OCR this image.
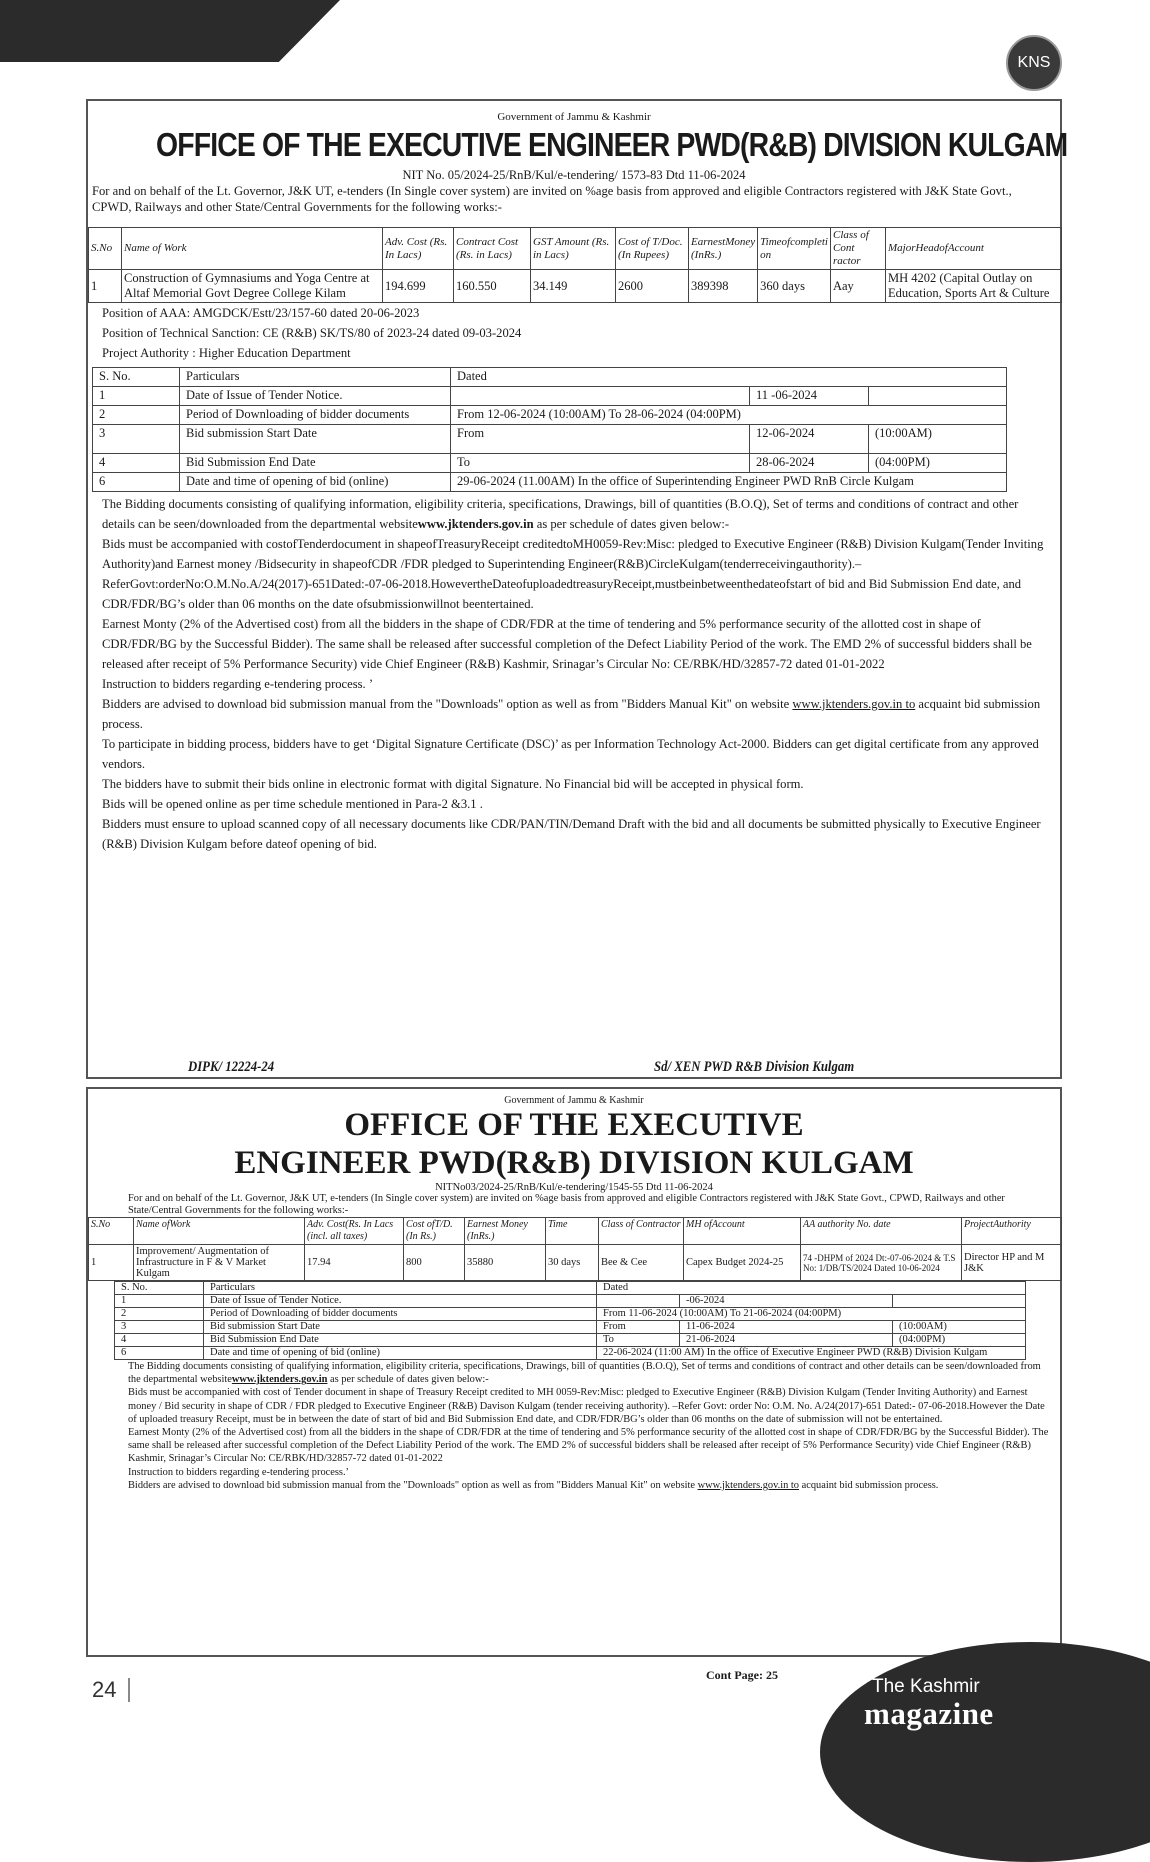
KNS
Government of Jammu & Kashmir
OFFICE OF THE EXECUTIVE ENGINEER PWD(R&B) DIVISION KULGAM
NIT No. 05/2024-25/RnB/Kul/e-tendering/ 1573-83 Dtd 11-06-2024
For and on behalf of the Lt. Governor, J&K UT, e-tenders (In Single cover system) are invited on %age basis from approved and eligible Contractors registered with J&K State Govt., CPWD, Railways and other State/Central Governments for the following works:-
S.No	Name of Work	Adv. Cost (Rs. In Lacs)	Contract Cost (Rs. in Lacs)	GST Amount (Rs. in Lacs)	Cost of T/Doc. (In Rupees)	EarnestMoney (InRs.)	Timeofcompleti on	Class of Cont ractor	MajorHeadofAccount
1	Construction of Gymnasiums and Yoga Centre at Altaf Memorial Govt Degree College Kilam	194.699	160.550	34.149	2600	389398	360 days	Aay	MH 4202 (Capital Outlay on Education, Sports Art & Culture
Position of AAA: AMGDCK/Estt/23/157-60 dated 20-06-2023
Position of Technical Sanction: CE (R&B) SK/TS/80 of 2023-24 dated 09-03-2024
Project Authority : Higher Education Department
S. No.	Particulars	Dated		
1	Date of Issue of Tender Notice.		11 -06-2024	
2	Period of Downloading of bidder documents	From 12-06-2024 (10:00AM) To 28-06-2024 (04:00PM)		
3	Bid submission Start Date	From	12-06-2024	(10:00AM)
4	Bid Submission End Date	To	28-06-2024	(04:00PM)
6	Date and time of opening of bid (online)	29-06-2024 (11.00AM) In the office of Superintending Engineer PWD RnB Circle Kulgam		
The Bidding documents consisting of qualifying information, eligibility criteria, specifications, Drawings, bill of quantities (B.O.Q), Set of terms and conditions of contract and other details can be seen/downloaded from the departmental websitewww.jktenders.gov.in as per schedule of dates given below:-
Bids must be accompanied with costofTenderdocument in shapeofTreasuryReceipt creditedtoMH0059-Rev:Misc: pledged to Executive Engineer (R&B) Division Kulgam(Tender Inviting Authority)and Earnest money /Bidsecurity in shapeofCDR /FDR pledged to Superintending Engineer(R&B)CircleKulgam(tenderreceivingauthority).–ReferGovt:orderNo:O.M.No.A/24(2017)-651Dated:-07-06-2018.HowevertheDateofuploadedtreasuryReceipt,mustbeinbetweenthedateofstart of bid and Bid Submission End date, and CDR/FDR/BG’s older than 06 months on the date ofsubmissionwillnot beentertained.
Earnest Monty (2% of the Advertised cost) from all the bidders in the shape of CDR/FDR at the time of tendering and 5% performance security of the allotted cost in shape of CDR/FDR/BG by the Successful Bidder). The same shall be released after successful completion of the Defect Liability Period of the work. The EMD 2% of successful bidders shall be released after receipt of 5% Performance Security) vide Chief Engineer (R&B) Kashmir, Srinagar’s Circular No: CE/RBK/HD/32857-72 dated 01-01-2022
Instruction to bidders regarding e-tendering process. ’
Bidders are advised to download bid submission manual from the "Downloads" option as well as from "Bidders Manual Kit" on website www.jktenders.gov.in to acquaint bid submission process.
To participate in bidding process, bidders have to get ‘Digital Signature Certificate (DSC)’ as per Information Technology Act-2000. Bidders can get digital certificate from any approved vendors.
The bidders have to submit their bids online in electronic format with digital Signature. No Financial bid will be accepted in physical form.
Bids will be opened online as per time schedule mentioned in Para-2 &3.1 .
Bidders must ensure to upload scanned copy of all necessary documents like CDR/PAN/TIN/Demand Draft with the bid and all documents be submitted physically to Executive Engineer (R&B) Division Kulgam before dateof opening of bid.
DIPK/ 12224-24	Sd/ XEN PWD R&B Division Kulgam
Government of Jammu & Kashmir
OFFICE OF THE EXECUTIVE
ENGINEER PWD(R&B) DIVISION KULGAM
NITNo03/2024-25/RnB/Kul/e-tendering/1545-55 Dtd 11-06-2024
For and on behalf of the Lt. Governor, J&K UT, e-tenders (In Single cover system) are invited on %age basis from approved and eligible Contractors registered with J&K State Govt., CPWD, Railways and other State/Central Governments for the following works:-
S.No	Name ofWork	Adv. Cost(Rs. In Lacs (incl. all taxes)	Cost ofT/D. (In Rs.)	Earnest Money (InRs.)	Time	Class of Contractor	MH ofAccount	AA authority No. date	ProjectAuthority
1	Improvement/ Augmentation of Infrastructure in F & V Market Kulgam	17.94	800	35880	30 days	Bee & Cee	Capex Budget 2024-25	74 -DHPM of 2024 Dt:-07-06-2024 & T.S No: 1/DB/TS/2024 Dated 10-06-2024	Director HP and M J&K
S. No.	Particulars	Dated		
1	Date of Issue of Tender Notice.		-06-2024	
2	Period of Downloading of bidder documents	From 11-06-2024 (10:00AM) To 21-06-2024 (04:00PM)		
3	Bid submission Start Date	From	11-06-2024	(10:00AM)
4	Bid Submission End Date	To	21-06-2024	(04:00PM)
6	Date and time of opening of bid (online)	22-06-2024 (11:00 AM) In the office of Executive Engineer PWD (R&B) Division Kulgam		
The Bidding documents consisting of qualifying information, eligibility criteria, specifications, Drawings, bill of quantities (B.O.Q), Set of terms and conditions of contract and other details can be seen/downloaded from the departmental websitewww.jktenders.gov.in as per schedule of dates given below:-
Bids must be accompanied with cost of Tender document in shape of Treasury Receipt credited to MH 0059-Rev:Misc: pledged to Executive Engineer (R&B) Division Kulgam (Tender Inviting Authority) and Earnest money / Bid security in shape of CDR / FDR pledged to Executive Engineer (R&B) Davison Kulgam (tender receiving authority). –Refer Govt: order No: O.M. No. A/24(2017)-651 Dated:- 07-06-2018.However the Date of uploaded treasury Receipt, must be in between the date of start of bid and Bid Submission End date, and CDR/FDR/BG’s older than 06 months on the date of submission will not be entertained.
Earnest Monty (2% of the Advertised cost) from all the bidders in the shape of CDR/FDR at the time of tendering and 5% performance security of the allotted cost in shape of CDR/FDR/BG by the Successful Bidder). The same shall be released after successful completion of the Defect Liability Period of the work. The EMD 2% of successful bidders shall be released after receipt of 5% Performance Security) vide Chief Engineer (R&B) Kashmir, Srinagar’s Circular No: CE/RBK/HD/32857-72 dated 01-01-2022
Instruction to bidders regarding e-tendering process.’
Bidders are advised to download bid submission manual from the "Downloads" option as well as from "Bidders Manual Kit" on website www.jktenders.gov.in to acquaint bid submission process.
24
Cont Page: 25
The Kashmir
magazine
